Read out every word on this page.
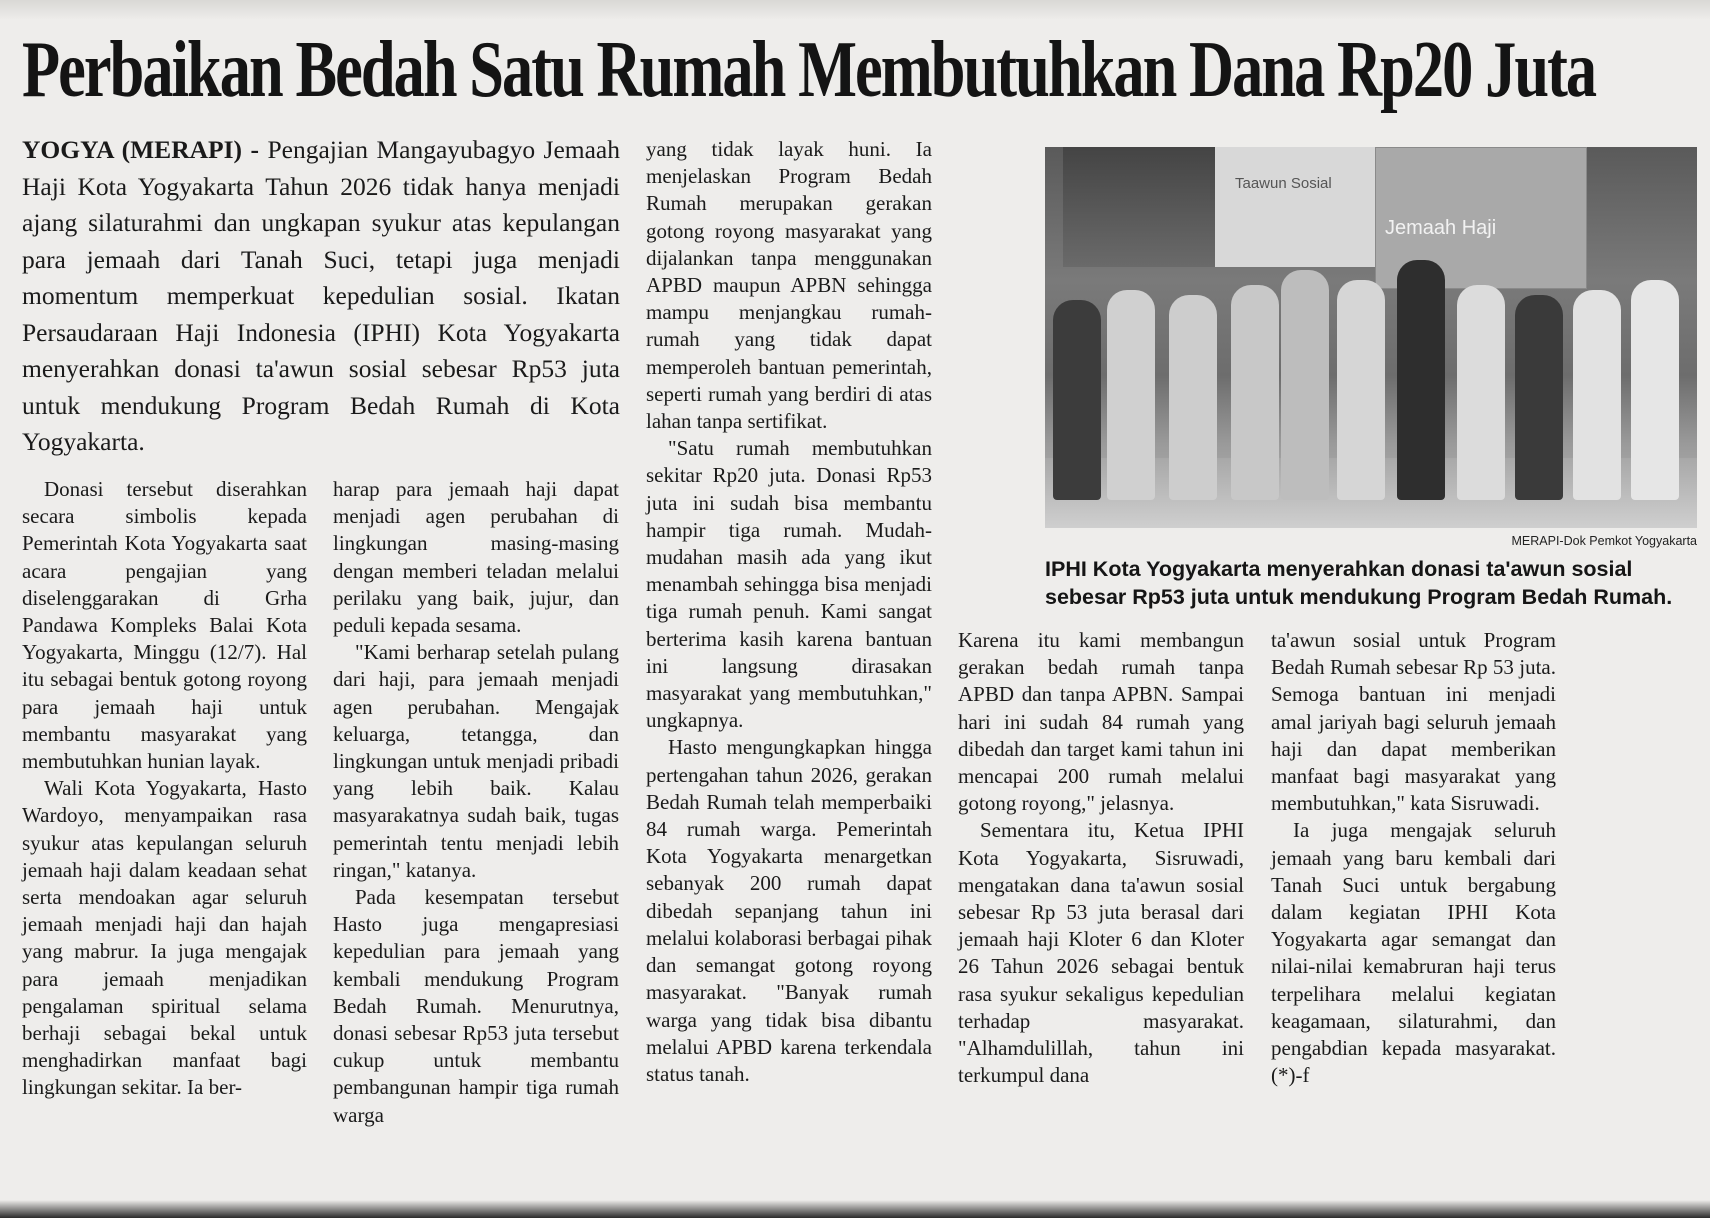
Perbaikan Bedah Satu Rumah Membutuhkan Dana Rp20 Juta

YOGYA (MERAPI) - Pengajian Mangayubagyo Jemaah Haji Kota Yogyakarta Tahun 2026 tidak hanya menjadi ajang silaturahmi dan ungkapan syukur atas kepulangan para jemaah dari Tanah Suci, tetapi juga menjadi momentum memperkuat kepedulian sosial. Ikatan Persaudaraan Haji Indonesia (IPHI) Kota Yogyakarta menyerahkan donasi ta'awun sosial sebesar Rp53 juta untuk mendukung Program Bedah Rumah di Kota Yogyakarta.

Donasi tersebut diserahkan secara simbolis kepada Pemerintah Kota Yogyakarta saat acara pengajian yang diselenggarakan di Grha Pandawa Kompleks Balai Kota Yogyakarta, Minggu (12/7). Hal itu sebagai bentuk gotong royong para jemaah haji untuk membantu masyarakat yang membutuhkan hunian layak.

Wali Kota Yogyakarta, Hasto Wardoyo, menyampaikan rasa syukur atas kepulangan seluruh jemaah haji dalam keadaan sehat serta mendoakan agar seluruh jemaah menjadi haji dan hajah yang mabrur. Ia juga mengajak para jemaah menjadikan pengalaman spiritual selama berhaji sebagai bekal untuk menghadirkan manfaat bagi lingkungan sekitar. Ia ber-

harap para jemaah haji dapat menjadi agen perubahan di lingkungan masing-masing dengan memberi teladan melalui perilaku yang baik, jujur, dan peduli kepada sesama.

"Kami berharap setelah pulang dari haji, para jemaah menjadi agen perubahan. Mengajak keluarga, tetangga, dan lingkungan untuk menjadi pribadi yang lebih baik. Kalau masyarakatnya sudah baik, tugas pemerintah tentu menjadi lebih ringan," katanya.

Pada kesempatan tersebut Hasto juga mengapresiasi kepedulian para jemaah yang kembali mendukung Program Bedah Rumah. Menurutnya, donasi sebesar Rp53 juta tersebut cukup untuk membantu pembangunan hampir tiga rumah warga

yang tidak layak huni. Ia menjelaskan Program Bedah Rumah merupakan gerakan gotong royong masyarakat yang dijalankan tanpa menggunakan APBD maupun APBN sehingga mampu menjangkau rumah-rumah yang tidak dapat memperoleh bantuan pemerintah, seperti rumah yang berdiri di atas lahan tanpa sertifikat.

"Satu rumah membutuhkan sekitar Rp20 juta. Donasi Rp53 juta ini sudah bisa membantu hampir tiga rumah. Mudah-mudahan masih ada yang ikut menambah sehingga bisa menjadi tiga rumah penuh. Kami sangat berterima kasih karena bantuan ini langsung dirasakan masyarakat yang membutuhkan," ungkapnya.

Hasto mengungkapkan hingga pertengahan tahun 2026, gerakan Bedah Rumah telah memperbaiki 84 rumah warga. Pemerintah Kota Yogyakarta menargetkan sebanyak 200 rumah dapat dibedah sepanjang tahun ini melalui kolaborasi berbagai pihak dan semangat gotong royong masyarakat. "Banyak rumah warga yang tidak bisa dibantu melalui APBD karena terkendala status tanah.

Taawun Sosial
Jemaah Haji
MERAPI-Dok Pemkot Yogyakarta
IPHI Kota Yogyakarta menyerahkan donasi ta'awun sosial sebesar Rp53 juta untuk mendukung Program Bedah Rumah.

Karena itu kami membangun gerakan bedah rumah tanpa APBD dan tanpa APBN. Sampai hari ini sudah 84 rumah yang dibedah dan target kami tahun ini mencapai 200 rumah melalui gotong royong," jelasnya.

Sementara itu, Ketua IPHI Kota Yogyakarta, Sisruwadi, mengatakan dana ta'awun sosial sebesar Rp 53 juta berasal dari jemaah haji Kloter 6 dan Kloter 26 Tahun 2026 sebagai bentuk rasa syukur sekaligus kepedulian terhadap masyarakat. "Alhamdulillah, tahun ini terkumpul dana

ta'awun sosial untuk Program Bedah Rumah sebesar Rp 53 juta. Semoga bantuan ini menjadi amal jariyah bagi seluruh jemaah haji dan dapat memberikan manfaat bagi masyarakat yang membutuhkan," kata Sisruwadi.

Ia juga mengajak seluruh jemaah yang baru kembali dari Tanah Suci untuk bergabung dalam kegiatan IPHI Kota Yogyakarta agar semangat dan nilai-nilai kemabruran haji terus terpelihara melalui kegiatan keagamaan, silaturahmi, dan pengabdian kepada masyarakat. (*)-f
